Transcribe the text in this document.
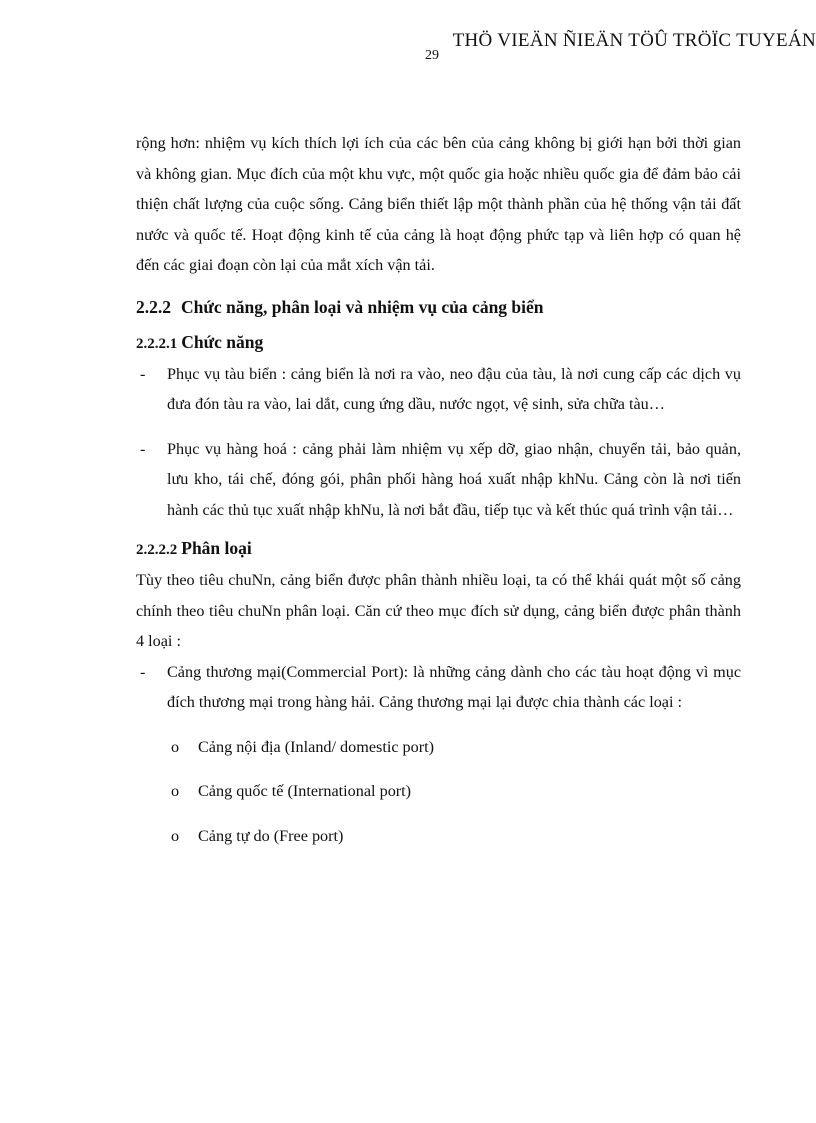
THÖ VIEÄN ÑIEÄN TÖÛ TRÖÏC TUYEÁN
29

rộng hơn: nhiệm vụ kích thích lợi ích của các bên của cảng không bị giới hạn bởi thời gian và không gian. Mục đích của một khu vực, một quốc gia hoặc nhiều quốc gia để đảm bảo cải thiện chất lượng của cuộc sống. Cảng biển thiết lập một thành phần của hệ thống vận tải đất nước và quốc tế. Hoạt động kinh tế của cảng là hoạt động phức tạp và liên hợp có quan hệ đến các giai đoạn còn lại của mắt xích vận tải.

2.2.2 Chức năng, phân loại và nhiệm vụ của cảng biển
2.2.2.1 Chức năng
- Phục vụ tàu biển : cảng biển là nơi ra vào, neo đậu của tàu, là nơi cung cấp các dịch vụ đưa đón tàu ra vào, lai dắt, cung ứng dầu, nước ngọt, vệ sinh, sửa chữa tàu…
- Phục vụ hàng hoá : cảng phải làm nhiệm vụ xếp dỡ, giao nhận, chuyển tải, bảo quản, lưu kho, tái chế, đóng gói, phân phối hàng hoá xuất nhập khNu. Cảng còn là nơi tiến hành các thủ tục xuất nhập khNu, là nơi bắt đầu, tiếp tục và kết thúc quá trình vận tải…
2.2.2.2 Phân loại

Tùy theo tiêu chuNn, cảng biển được phân thành nhiều loại, ta có thể khái quát một số cảng chính theo tiêu chuNn phân loại. Căn cứ theo mục đích sử dụng, cảng biển được phân thành 4 loại :

- Cảng thương mại(Commercial Port): là những cảng dành cho các tàu hoạt động vì mục đích thương mại trong hàng hải. Cảng thương mại lại được chia thành các loại :
o Cảng nội địa (Inland/ domestic port)
o Cảng quốc tế (International port)
o Cảng tự do (Free port)
